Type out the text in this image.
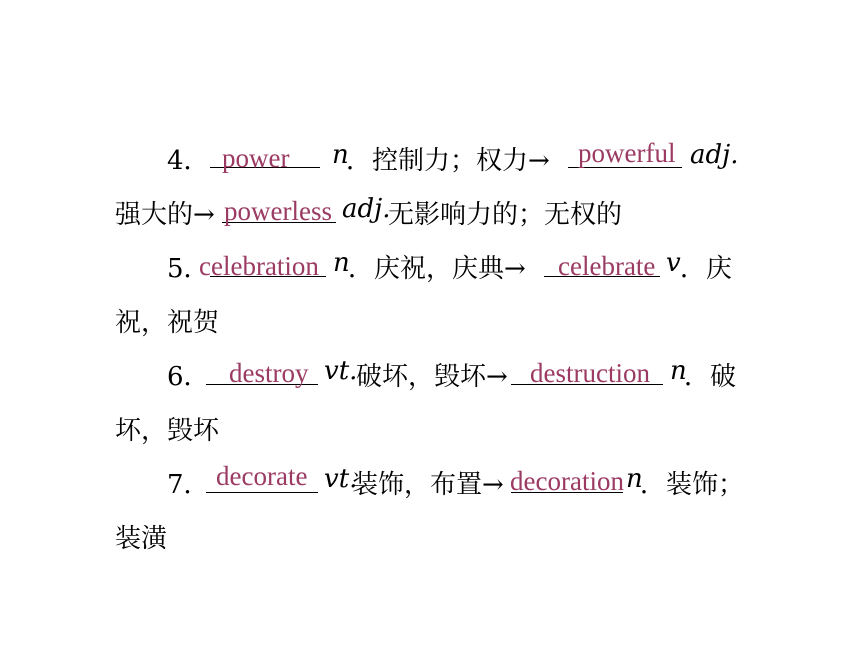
4． power n
．控制力；权力→ powerful adj.
强大的→ powerless adj.
无影响力的；无权的
5．
celebration n
．庆祝，庆典→ celebrate v ．庆
祝，祝贺
6． destroy vt.
破坏，毁坏→ destruction n
．破
坏，毁坏
7． decorate vt.
装饰，布置→ decoration n
．装饰；
装潢
